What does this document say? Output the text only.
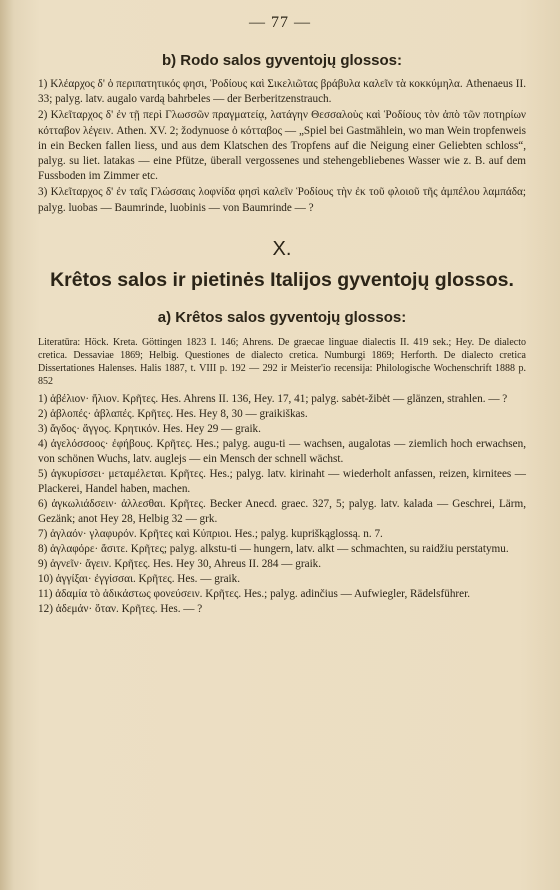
— 77 —
b) Rodo salos gyventojų glossos:

1) Κλέαρχος δ' ὁ περιπατητικός φησι, Ῥοδίους καὶ Σικελιῶτας βράβυλα καλεῖν τὰ κοκκύμηλα. Athenaeus II. 33; palyg. latv. augalo vardą bahrbeles — der Berberitzenstrauch.

2) Κλεῖταρχος δ' ἐν τῇ περὶ Γλωσσῶν πραγματείᾳ, λατάγην Θεσσαλοὺς καὶ Ῥοδίους τὸν ἀπὸ τῶν ποτηρίων κότταβον λέγειν. Athen. XV. 2; žodynuose ὁ κότταβος — „Spiel bei Gastmählein, wo man Wein tropfenweis in ein Becken fallen liess, und aus dem Klatschen des Tropfens auf die Neigung einer Geliebten schloss“, palyg. su liet. latakas — eine Pfütze, überall vergossenes und stehengebliebenes Wasser wie z. B. auf dem Fussboden im Zimmer etc.

3) Κλεῖταρχος δ' ἐν ταῖς Γλώσσαις λοφνίδα φησὶ καλεῖν Ῥοδίους τὴν ἐκ τοῦ φλοιοῦ τῆς ἀμπέλου λαμπάδα; palyg. luobas — Baumrinde, luobinis — von Baumrinde — ?

X.
Krêtos salos ir pietinės Italijos gyventojų glossos.
a) Krêtos salos gyventojų glossos:

Literatūra: Höck. Kreta. Göttingen 1823 I. 146; Ahrens. De graecae linguae dialectis II. 419 sek.; Hey. De dialecto cretica. Dessaviae 1869; Helbig. Questiones de dialecto cretica. Numburgi 1869; Herforth. De dialecto cretica Dissertationes Halenses. Halis 1887, t. VIII p. 192 — 292 ir Meister'io recensija: Philologische Wochenschrift 1888 p. 852

1) ἀβέλιον· ἥλιον. Κρῆτες. Hes. Ahrens II. 136, Hey. 17, 41; palyg. sabėt-žibėt — glänzen, strahlen. — ?

2) ἀβλοπές· ἀβλαπές. Κρῆτες. Hes. Hey 8, 30 — graikiškas.

3) ἄγδος· ἄγγος. Κρητικόν. Hes. Hey 29 — graik.

4) ἀγελόσσοος· ἐφήβους. Κρῆτες. Hes.; palyg. augu-ti — wachsen, augalotas — ziemlich hoch erwachsen, von schönen Wuchs, latv. auglejs — ein Mensch der schnell wächst.

5) ἀγκυρίσσει· μεταμέλεται. Κρῆτες. Hes.; palyg. latv. kirinaht — wiederholt anfassen, reizen, kirnitees — Plackerei, Handel haben, machen.

6) ἀγκωλιάδσειν· ἀλλεσθαι. Κρῆτες. Becker Anecd. graec. 327, 5; palyg. latv. kalada — Geschrei, Lärm, Gezänk; anot Hey 28, Helbig 32 — grk.

7) ἀγλαόν· γλαφυρόν. Κρῆτες καὶ Κύπριοι. Hes.; palyg. kupriškąglossą. n. 7.

8) ἀγλαφόρε· ἄσιτε. Κρῆτες; palyg. alkstu-ti — hungern, latv. alkt — schmachten, su raidžiu perstatymu.

9) ἀγνεῖν· ἄγειν. Κρῆτες. Hes. Hey 30, Ahreus II. 284 — graik.

10) ἀγγίξαι· ἐγγίσσαι. Κρῆτες. Hes. — graik.

11) ἀδαμία τὸ ἀδικάστως φονεύσειν. Κρῆτες. Hes.; palyg. adinčius — Aufwiegler, Rädelsführer.

12) ἀδεμάν· ὅταν. Κρῆτες. Hes. — ?
